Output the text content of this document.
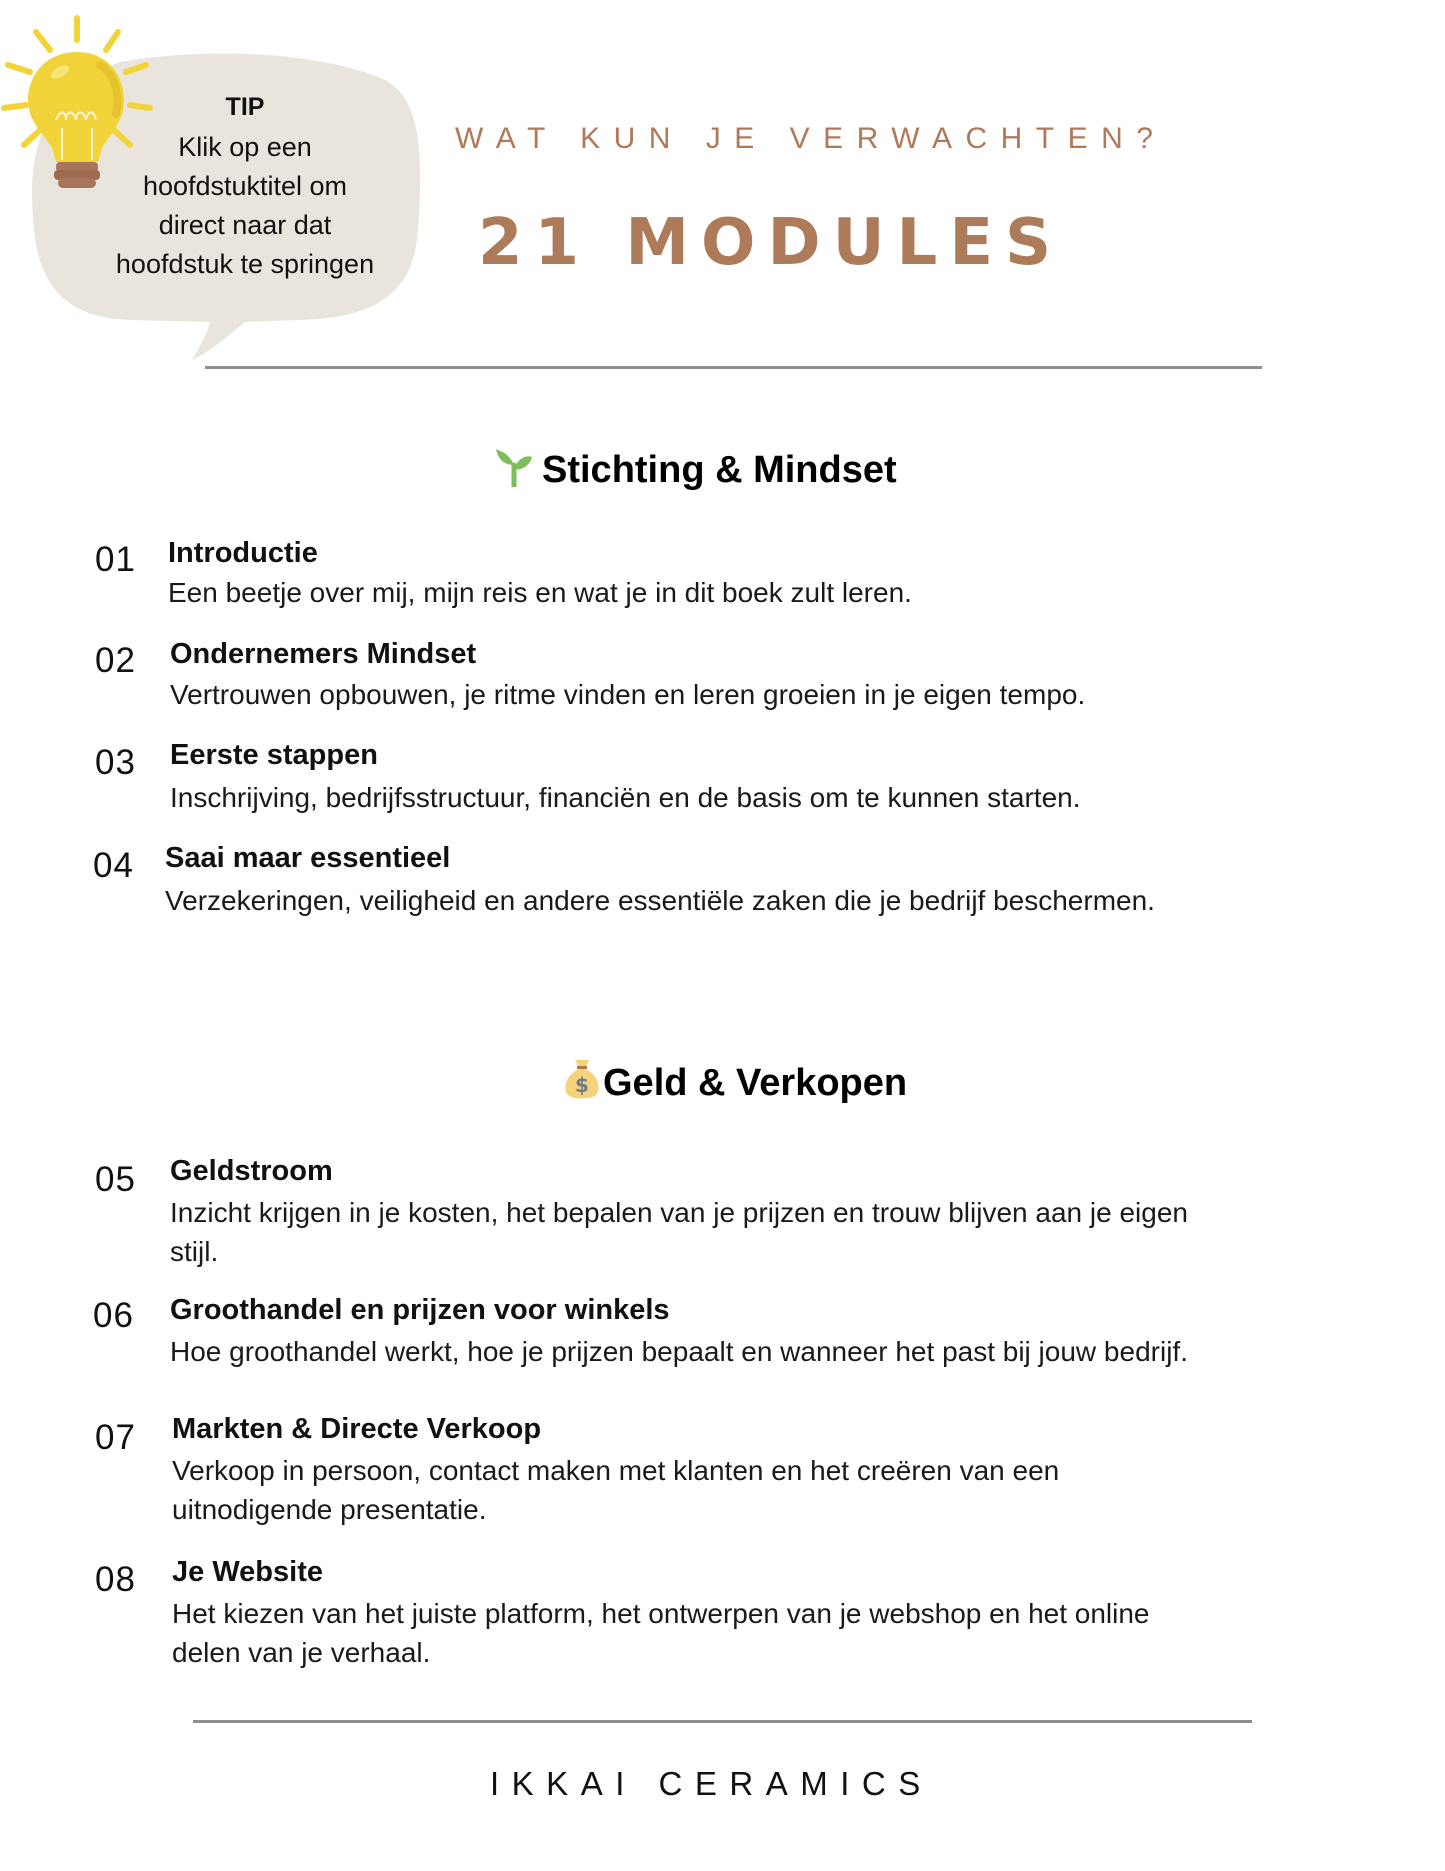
TIP
Klik op een
hoofdstuktitel om
direct naar dat
hoofdstuk te springen
WAT KUN JE VERWACHTEN?
21 MODULES
Stichting & Mindset
01 Introductie
Een beetje over mij, mijn reis en wat je in dit boek zult leren.
02 Ondernemers Mindset
Vertrouwen opbouwen, je ritme vinden en leren groeien in je eigen tempo.
03 Eerste stappen
Inschrijving, bedrijfsstructuur, financiën en de basis om te kunnen starten.
04 Saai maar essentieel
Verzekeringen, veiligheid en andere essentiële zaken die je bedrijf beschermen.
$ Geld & Verkopen
05 Geldstroom
Inzicht krijgen in je kosten, het bepalen van je prijzen en trouw blijven aan je eigen
stijl.
06 Groothandel en prijzen voor winkels
Hoe groothandel werkt, hoe je prijzen bepaalt en wanneer het past bij jouw bedrijf.
07 Markten & Directe Verkoop
Verkoop in persoon, contact maken met klanten en het creëren van een
uitnodigende presentatie.
08 Je Website
Het kiezen van het juiste platform, het ontwerpen van je webshop en het online
delen van je verhaal.
IKKAI CERAMICS
